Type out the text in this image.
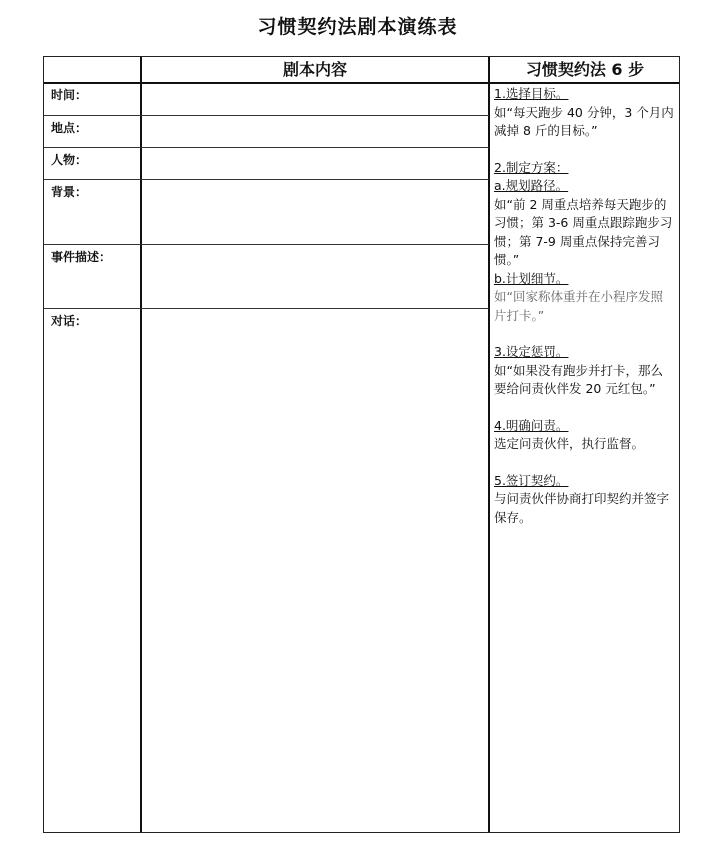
习惯契约法剧本演练表
剧本内容	习惯契约法 6 步
时间：
地点：
人物：
背景：
事件描述：
对话：

1.选择目标。

如“每天跑步 40 分钟，3 个月内减掉 8 斤的目标。”

2.制定方案：

a.规划路径。

如“前 2 周重点培养每天跑步的习惯；第 3-6 周重点跟踪跑步习惯；第 7-9 周重点保持完善习惯。”

b.计划细节。

如“回家称体重并在小程序发照片打卡。”

3.设定惩罚。

如“如果没有跑步并打卡，那么要给问责伙伴发 20 元红包。”

4.明确问责。

选定问责伙伴，执行监督。

5.签订契约。

与问责伙伴协商打印契约并签字保存。
